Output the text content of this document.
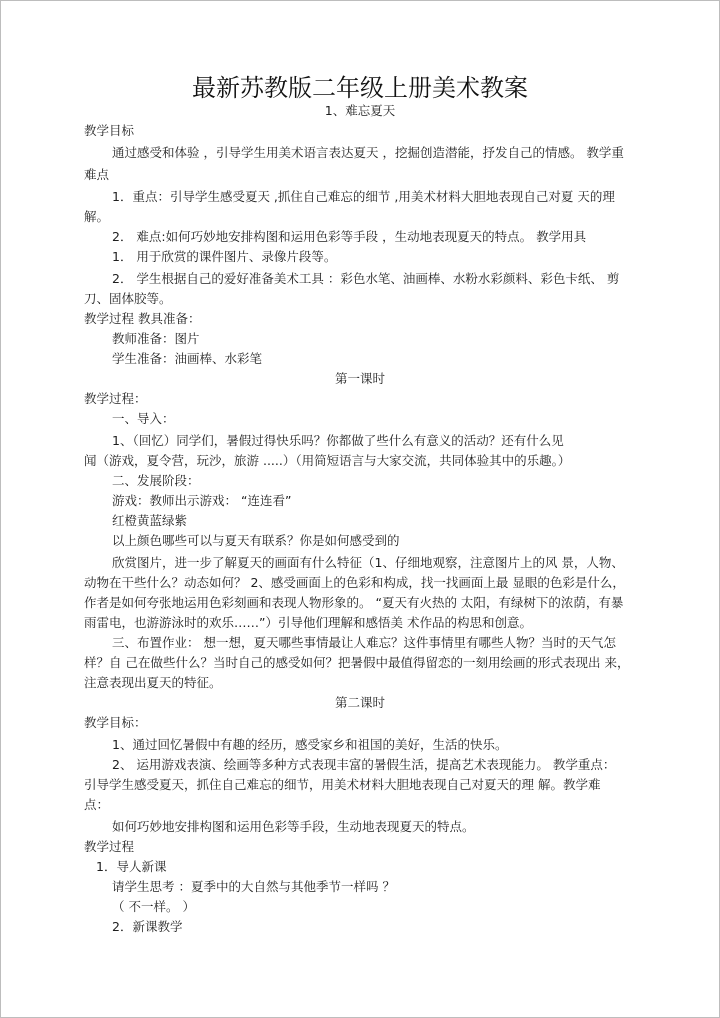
最新苏教版二年级上册美术教案
1、难忘夏天
教学目标
通过感受和体验 ，引导学生用美术语言表达夏天 ，挖掘创造潜能，抒发自己的情感。 教学重
难点
1．重点：引导学生感受夏天 ,抓住自己难忘的细节 ,用美术材料大胆地表现自己对夏 天的理
解。
2． 难点:如何巧妙地安排构图和运用色彩等手段 ，生动地表现夏天的特点。 教学用具
1． 用于欣赏的课件图片、录像片段等。
2． 学生根据自己的爱好准备美术工具 ：彩色水笔、油画棒、水粉水彩颜料、彩色卡纸、 剪
刀、固体胶等。
教学过程 教具准备：
教师准备：图片
学生准备：油画棒、水彩笔
第一课时
教学过程：
一、导入：
1、（回忆）同学们，暑假过得快乐吗？你都做了些什么有意义的活动？还有什么见
闻（游戏，夏令营，玩沙，旅游 .....）（用简短语言与大家交流，共同体验其中的乐趣。）
二、发展阶段：
游戏：教师出示游戏： “连连看”
红橙黄蓝绿紫
以上颜色哪些可以与夏天有联系？你是如何感受到的
欣赏图片，进一步了解夏天的画面有什么特征（1、仔细地观察，注意图片上的风 景，人物、
动物在干些什么？动态如何？ 2、感受画面上的色彩和构成，找一找画面上最 显眼的色彩是什么，
作者是如何夸张地运用色彩刻画和表现人物形象的。 “夏天有火热的 太阳，有绿树下的浓荫，有暴
雨雷电，也游游泳时的欢乐……”）引导他们理解和感悟美 术作品的构思和创意。
三、布置作业： 想一想，夏天哪些事情最让人难忘？这件事情里有哪些人物？当时的天气怎
样？自 己在做些什么？当时自己的感受如何？把暑假中最值得留恋的一刻用绘画的形式表现出 来，
注意表现出夏天的特征。
第二课时
教学目标：
1、通过回忆暑假中有趣的经历，感受家乡和祖国的美好，生活的快乐。
2、 运用游戏表演、绘画等多种方式表现丰富的暑假生活，提高艺术表现能力。 教学重点：
引导学生感受夏天，抓住自己难忘的细节，用美术材料大胆地表现自己对夏天的理 解。教学难
点：
如何巧妙地安排构图和运用色彩等手段，生动地表现夏天的特点。
教学过程
1．导人新课
请学生思考 ：夏季中的大自然与其他季节一样吗 ？
（ 不一样。 ）
2．新课教学
